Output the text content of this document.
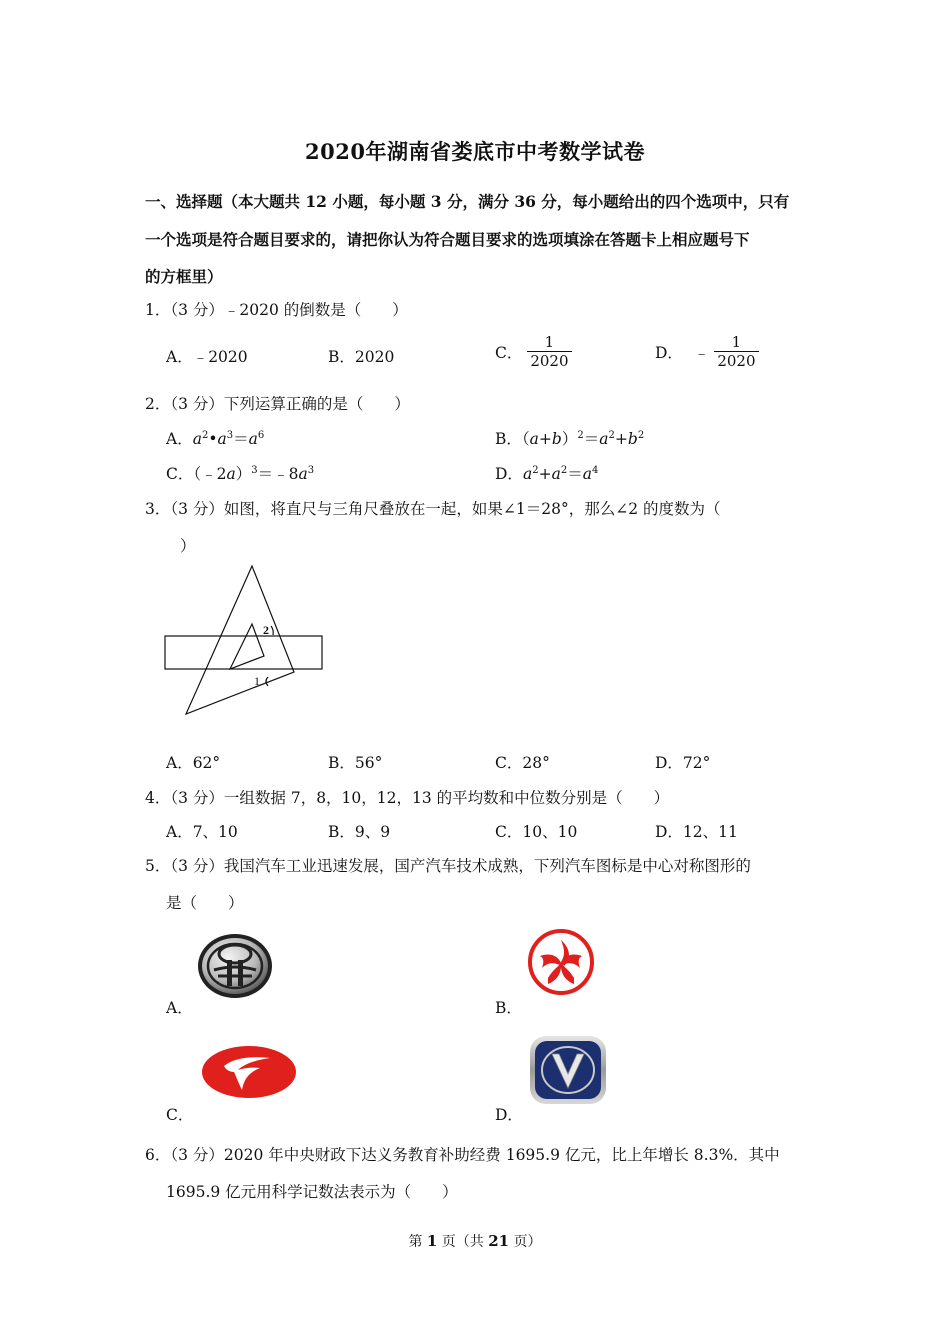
2020年湖南省娄底市中考数学试卷
一、选择题（本大题共 12 小题，每小题 3 分，满分 36 分，每小题给出的四个选项中，只有
一个选项是符合题目要求的，请把你认为符合题目要求的选项填涂在答题卡上相应题号下
的方框里）
1．（3 分）﹣2020 的倒数是（　　）
A．﹣2020	B．2020	C． $\frac{1}{2020}$	D． ﹣ $\frac{1}{2020}$
2．（3 分）下列运算正确的是（　　）
A．$a^2•a^3=a^6$	B．$(a+b)^2=a^2+b^2$
C．$(﹣2a)^3=﹣8a^3$	D．$a^2+a^2=a^4$
3．（3 分）如图，将直尺与三角尺叠放在一起，如果∠1＝28°，那么∠2 的度数为（
）
1
2
A．62°	B．56°	C．28°	D．72°
4．（3 分）一组数据 7，8，10，12，13 的平均数和中位数分别是（　　）
A．7、10	B．9、9	C．10、10	D．12、11
5．（3 分）我国汽车工业迅速发展，国产汽车技术成熟，下列汽车图标是中心对称图形的
是（　　）
A．	B．
C．	D．
6．（3 分）2020 年中央财政下达义务教育补助经费 1695.9 亿元，比上年增长 8.3%．其中
1695.9 亿元用科学记数法表示为（　　）
第 1 页（共 21 页）
